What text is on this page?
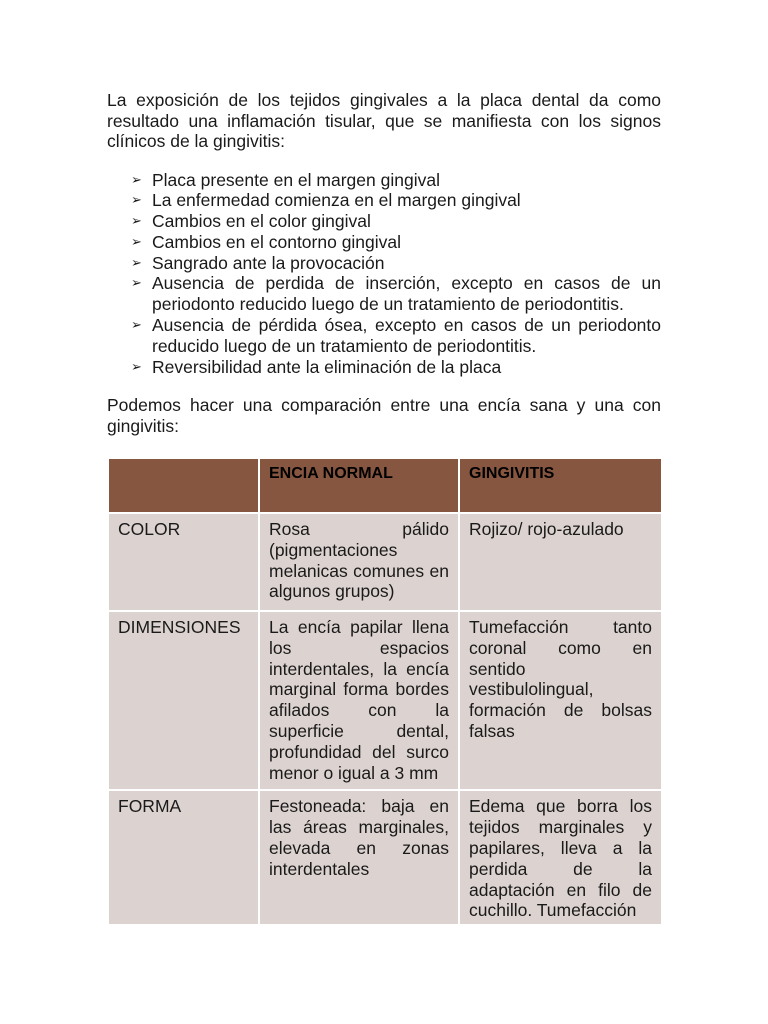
La exposición de los tejidos gingivales a la placa dental da como resultado una inflamación tisular, que se manifiesta con los signos clínicos de la gingivitis:

➢ Placa presente en el margen gingival
➢ La enfermedad comienza en el margen gingival
➢ Cambios en el color gingival
➢ Cambios en el contorno gingival
➢ Sangrado ante la provocación
➢ Ausencia de perdida de inserción, excepto en casos de un periodonto reducido luego de un tratamiento de periodontitis.
➢ Ausencia de pérdida ósea, excepto en casos de un periodonto reducido luego de un tratamiento de periodontitis.
➢ Reversibilidad ante la eliminación de la placa

Podemos hacer una comparación entre una encía sana y una con gingivitis:

	ENCIA NORMAL	GINGIVITIS
COLOR	Rosa pálido (pigmentaciones melanicas comunes en algunos grupos)	Rojizo/ rojo-azulado
DIMENSIONES	La encía papilar llena los espacios interdentales, la encía marginal forma bordes afilados con la superficie dental, profundidad del surco menor o igual a 3 mm	Tumefacción tanto coronal como en sentido vestibulolingual, formación de bolsas falsas
FORMA	Festoneada: baja en las áreas marginales, elevada en zonas interdentales	Edema que borra los tejidos marginales y papilares, lleva a la perdida de la adaptación en filo de cuchillo. Tumefacción
